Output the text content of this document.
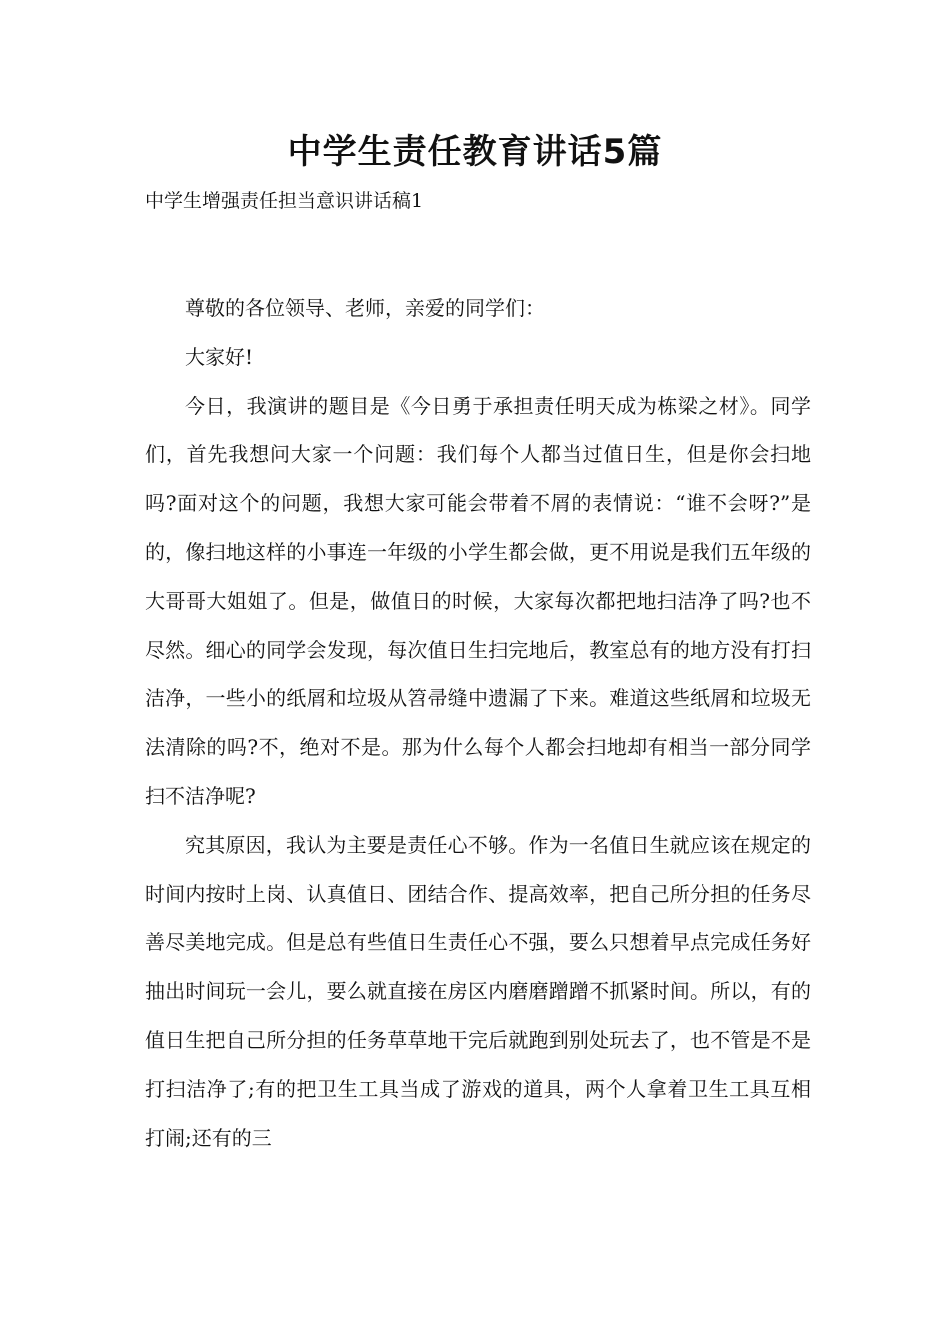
中学生责任教育讲话5篇
中学生增强责任担当意识讲话稿1

尊敬的各位领导、老师，亲爱的同学们：

大家好!

今日，我演讲的题目是《今日勇于承担责任明天成为栋梁之材》。同学们，首先我想问大家一个问题：我们每个人都当过值日生，但是你会扫地吗?面对这个的问题，我想大家可能会带着不屑的表情说：“谁不会呀?”是的，像扫地这样的小事连一年级的小学生都会做，更不用说是我们五年级的大哥哥大姐姐了。但是，做值日的时候，大家每次都把地扫洁净了吗?也不尽然。细心的同学会发现，每次值日生扫完地后，教室总有的地方没有打扫洁净，一些小的纸屑和垃圾从笤帚缝中遗漏了下来。难道这些纸屑和垃圾无法清除的吗?不，绝对不是。那为什么每个人都会扫地却有相当一部分同学扫不洁净呢?

究其原因，我认为主要是责任心不够。作为一名值日生就应该在规定的时间内按时上岗、认真值日、团结合作、提高效率，把自己所分担的任务尽善尽美地完成。但是总有些值日生责任心不强，要么只想着早点完成任务好抽出时间玩一会儿，要么就直接在房区内磨磨蹭蹭不抓紧时间。所以，有的值日生把自己所分担的任务草草地干完后就跑到别处玩去了，也不管是不是打扫洁净了;有的把卫生工具当成了游戏的道具，两个人拿着卫生工具互相打闹;还有的三
